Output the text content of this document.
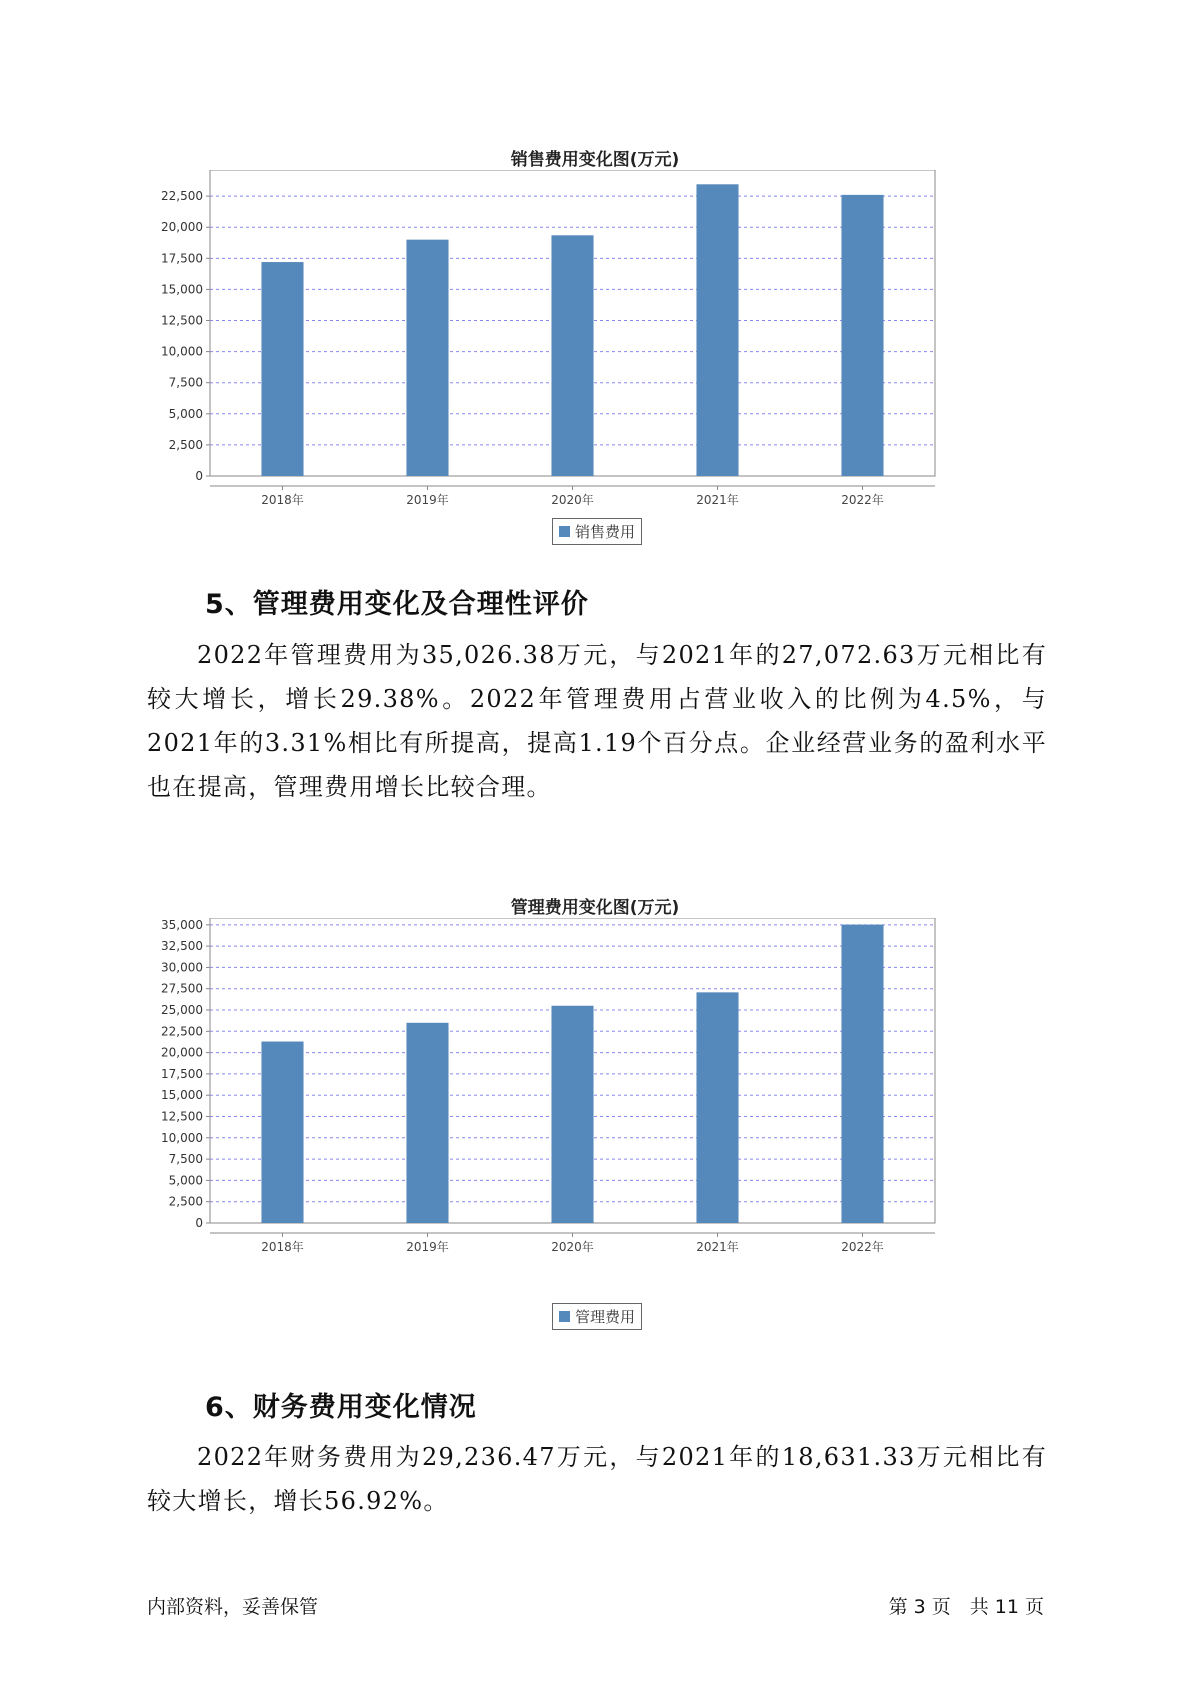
销售费用变化图(万元)
0
2,500
5,000
7,500
10,000
12,500
15,000
17,500
20,000
22,500
2018年	2019年	2020年	2021年	2022年
销售费用
5、管理费用变化及合理性评价

2022年管理费用为35,026.38万元，与2021年的27,072.63万元相比有较大增长，增长29.38%。2022年管理费用占营业收入的比例为4.5%，与2021年的3.31%相比有所提高，提高1.19个百分点。企业经营业务的盈利水平也在提高，管理费用增长比较合理。

管理费用变化图(万元)
0
2,500
5,000
7,500
10,000
12,500
15,000
17,500
20,000
22,500
25,000
27,500
30,000
32,500
35,000
2018年	2019年	2020年	2021年	2022年
管理费用
6、财务费用变化情况

2022年财务费用为29,236.47万元，与2021年的18,631.33万元相比有较大增长，增长56.92%。

内部资料，妥善保管	第 3 页　共 11 页
